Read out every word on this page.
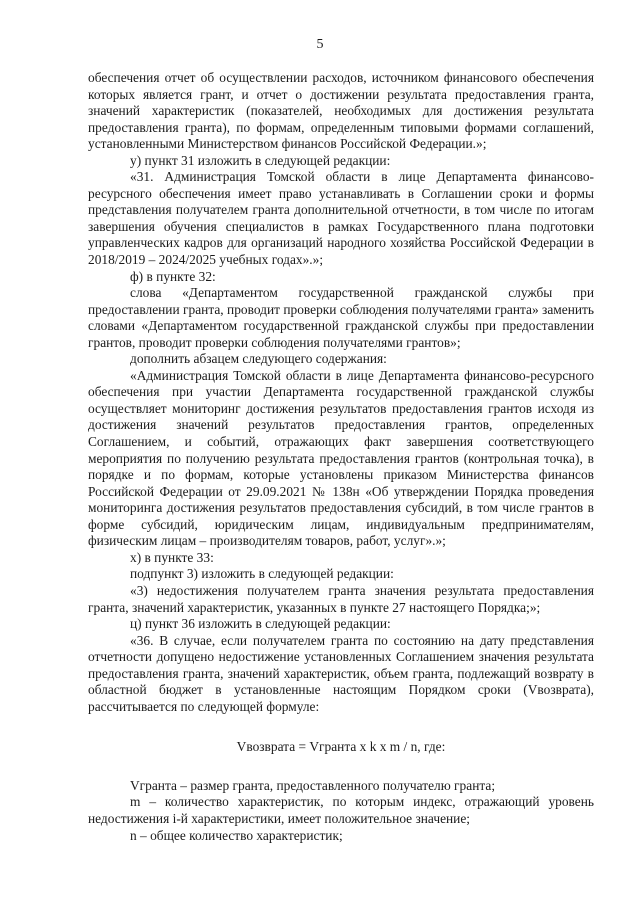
5

обеспечения отчет об осуществлении расходов, источником финансового обеспечения которых является грант, и отчет о достижении результата предоставления гранта, значений характеристик (показателей, необходимых для достижения результата предоставления гранта), по формам, определенным типовыми формами соглашений, установленными Министерством финансов Российской Федерации.»;

у) пункт 31 изложить в следующей редакции:

«31. Администрация Томской области в лице Департамента финансово-ресурсного обеспечения имеет право устанавливать в Соглашении сроки и формы представления получателем гранта дополнительной отчетности, в том числе по итогам завершения обучения специалистов в рамках Государственного плана подготовки управленческих кадров для организаций народного хозяйства Российской Федерации в 2018/2019 – 2024/2025 учебных годах».»;

ф) в пункте 32:

слова «Департаментом государственной гражданской службы при предоставлении гранта, проводит проверки соблюдения получателями гранта» заменить словами «Департаментом государственной гражданской службы при предоставлении грантов, проводит проверки соблюдения получателями грантов»;

дополнить абзацем следующего содержания:

«Администрация Томской области в лице Департамента финансово-ресурсного обеспечения при участии Департамента государственной гражданской службы осуществляет мониторинг достижения результатов предоставления грантов исходя из достижения значений результатов предоставления грантов, определенных Соглашением, и событий, отражающих факт завершения соответствующего мероприятия по получению результата предоставления грантов (контрольная точка), в порядке и по формам, которые установлены приказом Министерства финансов Российской Федерации от 29.09.2021 № 138н «Об утверждении Порядка проведения мониторинга достижения результатов предоставления субсидий, в том числе грантов в форме субсидий, юридическим лицам, индивидуальным предпринимателям, физическим лицам – производителям товаров, работ, услуг».»;

х) в пункте 33:

подпункт 3) изложить в следующей редакции:

«3) недостижения получателем гранта значения результата предоставления гранта, значений характеристик, указанных в пункте 27 настоящего Порядка;»;

ц) пункт 36 изложить в следующей редакции:

«36. В случае, если получателем гранта по состоянию на дату представления отчетности допущено недостижение установленных Соглашением значения результата предоставления гранта, значений характеристик, объем гранта, подлежащий возврату в областной бюджет в установленные настоящим Порядком сроки (Vвозврата), рассчитывается по следующей формуле:

Vвозврата = Vгранта x k x m / n, где:

Vгранта – размер гранта, предоставленного получателю гранта;

m – количество характеристик, по которым индекс, отражающий уровень недостижения i-й характеристики, имеет положительное значение;

n – общее количество характеристик;
